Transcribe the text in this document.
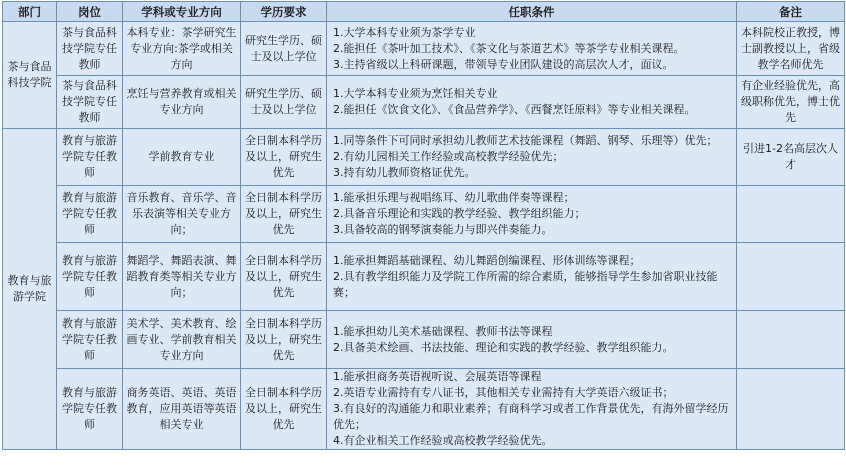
部门	岗位	学科或专业方向	学历要求	任职条件	备注
茶与食品科技学院	茶与食品科技学院专任教师	本科专业：茶学研究生专业方向:茶学或相关方向	研究生学历、硕士及以上学位	1.大学本科专业须为茶学专业
2.能担任《茶叶加工技术》、《茶文化与茶道艺术》等茶学专业相关课程。
3.主持省级以上科研课题，带领导专业团队建设的高层次人才，面议。	本科院校正教授，博士副教授以上，省级教学名师优先
	茶与食品科技学院专任教师	烹饪与营养教育或相关专业方向	研究生学历、硕士及以上学位	1.大学本科专业须为烹饪相关专业
2.能担任《饮食文化》、《食品营养学》、《西餐烹饪原料》等专业相关课程。	有企业经验优先，高级职称优先，博士优先
教育与旅游学院	教育与旅游学院专任教师	学前教育专业	全日制本科学历及以上，研究生优先	1.同等条件下可同时承担幼儿教师艺术技能课程（舞蹈、钢琴、乐理等）优先；
2.有幼儿园相关工作经验或高校教学经验优先；
3.持有幼儿教师资格证优先。	引进1-2名高层次人才
	教育与旅游学院专任教师	音乐教育、音乐学、音乐表演等相关专业方向；	全日制本科学历及以上，研究生优先	1.能承担乐理与视唱练耳、幼儿歌曲伴奏等课程；
2.具备音乐理论和实践的教学经验、教学组织能力；
3.具备较高的钢琴演奏能力与即兴伴奏能力。	

	教育与旅游学院专任教师	舞蹈学、舞蹈表演、舞蹈教育类等相关专业方向；	全日制本科学历及以上，研究生优先	1.能承担舞蹈基础课程、幼儿舞蹈创编课程、形体训练等课程；
2.具有教学组织能力及学院工作所需的综合素质，能够指导学生参加省职业技能赛；	

	教育与旅游学院专任教师	美术学、美术教育、绘画专业、学前教育相关专业方向	全日制本科学历及以上，研究生优先	1.能承担幼儿美术基础课程、教师书法等课程
2.具备美术绘画、书法技能、理论和实践的教学经验、教学组织能力。	

	教育与旅游学院专任教师	商务英语、英语、英语教育，应用英语等英语相关专业	全日制本科学历及以上，研究生优先	1.能承担商务英语视听说、会展英语等课程
2.英语专业需持有专八证书，其他相关专业需持有大学英语六级证书；
3.有良好的沟通能力和职业素养；有商科学习或者工作背景优先，有海外留学经历优先；
4.有企业相关工作经验或高校教学经验优先。	
